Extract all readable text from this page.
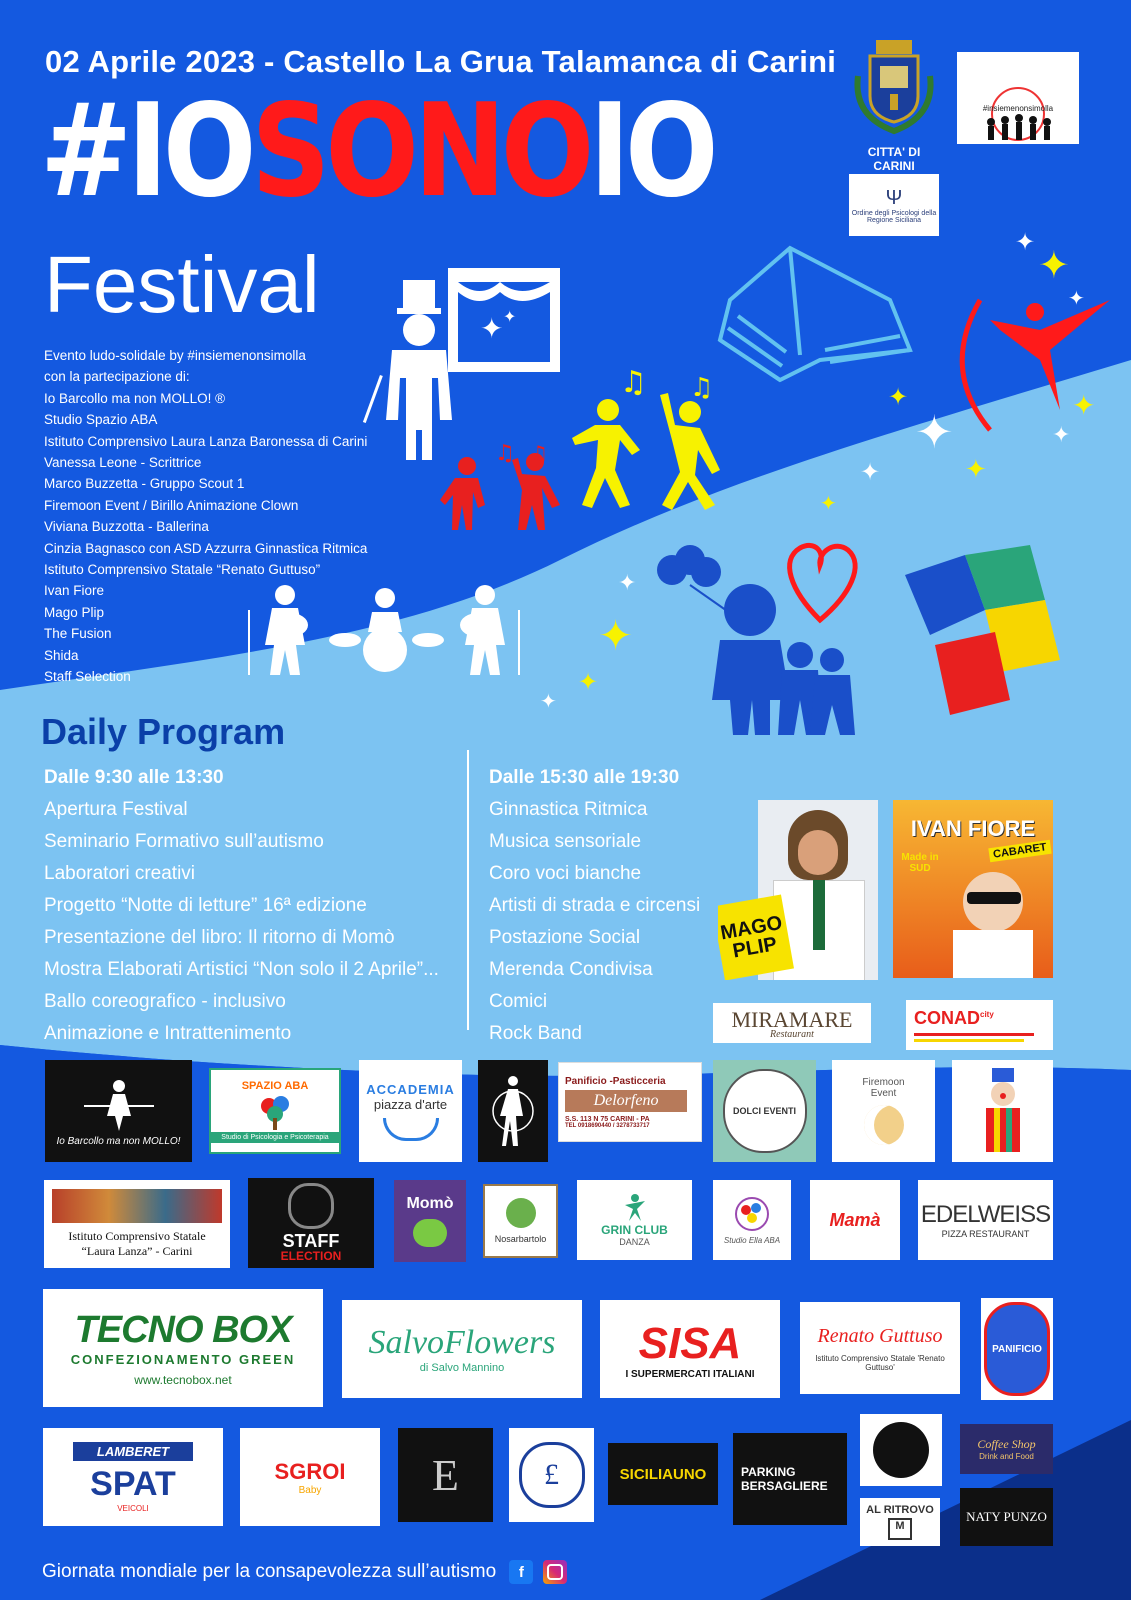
✦ ✦
♫ ♫
♫ ♫
✦
✦
✦
✦
✦
✦
✦
✦
✦
✦
✦
✦
✦
✦
02 Aprile 2023 - Castello La Grua Talamanca di Carini
#IOSONOIO
Festival
CITTA' DI CARINI
#insiemenonsimolla
Ψ
Ordine degli Psicologi della Regione Siciliana
Evento ludo-solidale by #insiemenonsimolla
con la partecipazione di:
Io Barcollo ma non MOLLO! ®
Studio Spazio ABA
Istituto Comprensivo Laura Lanza Baronessa di Carini
Vanessa Leone - Scrittrice
Marco Buzzetta - Gruppo Scout 1
Firemoon Event / Birillo Animazione Clown
Viviana Buzzotta - Ballerina
Cinzia Bagnasco con ASD Azzurra Ginnastica Ritmica
Istituto Comprensivo Statale “Renato Guttuso”
Ivan Fiore
Mago Plip
The Fusion
Shida
Staff Selection
Daily Program
Dalle 9:30 alle 13:30
Apertura Festival
Seminario Formativo sull’autismo
Laboratori creativi
Progetto “Notte di letture” 16ª edizione
Presentazione del libro: Il ritorno di Momò
Mostra Elaborati Artistici “Non solo il 2 Aprile”...
Ballo coreografico - inclusivo
Animazione e Intrattenimento
Dalle 15:30 alle 19:30
Ginnastica Ritmica
Musica sensoriale
Coro voci bianche
Artisti di strada e circensi
Postazione Social
Merenda Condivisa
Comici
Rock Band
MAGO PLIP
IVAN FIORE
CABARET
Made in SUD
MIRAMARE
Restaurant
$CONAD^{city}$
Io Barcollo ma non MOLLO!
SPAZIO ABA
Studio di Psicologia e Psicoterapia
ACCADEMIA
piazza d'arte
Panificio -Pasticceria
Delorfeno
S.S. 113 N 75 CARINI - PA
TEL 0918690440 / 3278733717
DOLCI EVENTI
Firemoon
Event
Istituto Comprensivo Statale
“Laura Lanza” - Carini	STAFF
ELECTION
Momò
Nosarbartolo
GRIN CLUB
DANZA	Studio Ella ABA
Mamà EDELWEISS
PIZZA RESTAURANT
TECNO BOX
CONFEZIONAMENTO GREEN
www.tecnobox.net
SalvoFlowers
di Salvo Mannino
SISA
I SUPERMERCATI ITALIANI
Renato Guttuso
Istituto Comprensivo Statale 'Renato Guttuso'
PANIFICIO
LAMBERET
SPAT
VEICOLI
SGROI
Baby	E	£	SICILIAUNO	PARKING
BERSAGLIERE
Coffee Shop
Drink and Food
AL RITROVO
M
NATY PUNZO
Giornata mondiale per la consapevolezza sull’autismo f
